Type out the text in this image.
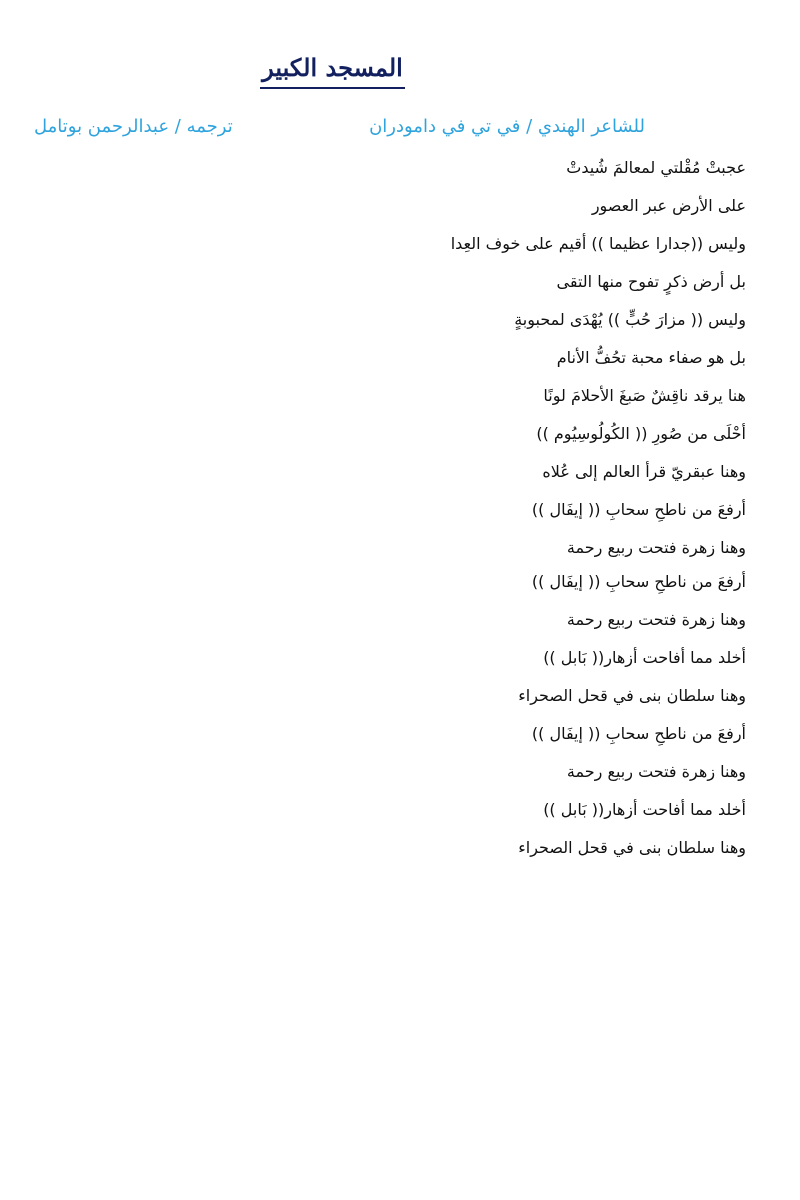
المسجد الكبير
للشاعر الهندي / في تي في دامودران
ترجمه / عبدالرحمن بوتامل
عجبتْ مُقْلتي لمعالمَ شُيدتْ
على الأرض عبر العصور
وليس ((جدارا عظيما )) أقيم على خوف العِدا
بل أرض ذكرٍ تفوح منها التقى
وليس (( مزارَ حُبٍّ )) يُهْدَى لمحبوبةٍ
بل هو صفاء محبة تحُفُّ الأنام
هنا يرقد ناقِشٌ صَبغَ الأحلامَ لونًا
أحْلَى من صُورِ (( الكُولُوسِيُوم ))
وهنا عبقريّ قرأ العالم إلى عُلاه
أرفعَ من ناطحِ سحابِ (( إيفَال ))
وهنا زهرة فتحت ربيع رحمة
أرفعَ من ناطحِ سحابِ (( إيفَال ))
وهنا زهرة فتحت ربيع رحمة
أخلد مما أفاحت أزهار(( بَابل ))
وهنا سلطان بنى في قحل الصحراء
أرفعَ من ناطحِ سحابِ (( إيفَال ))
وهنا زهرة فتحت ربيع رحمة
أخلد مما أفاحت أزهار(( بَابل ))
وهنا سلطان بنى في قحل الصحراء
